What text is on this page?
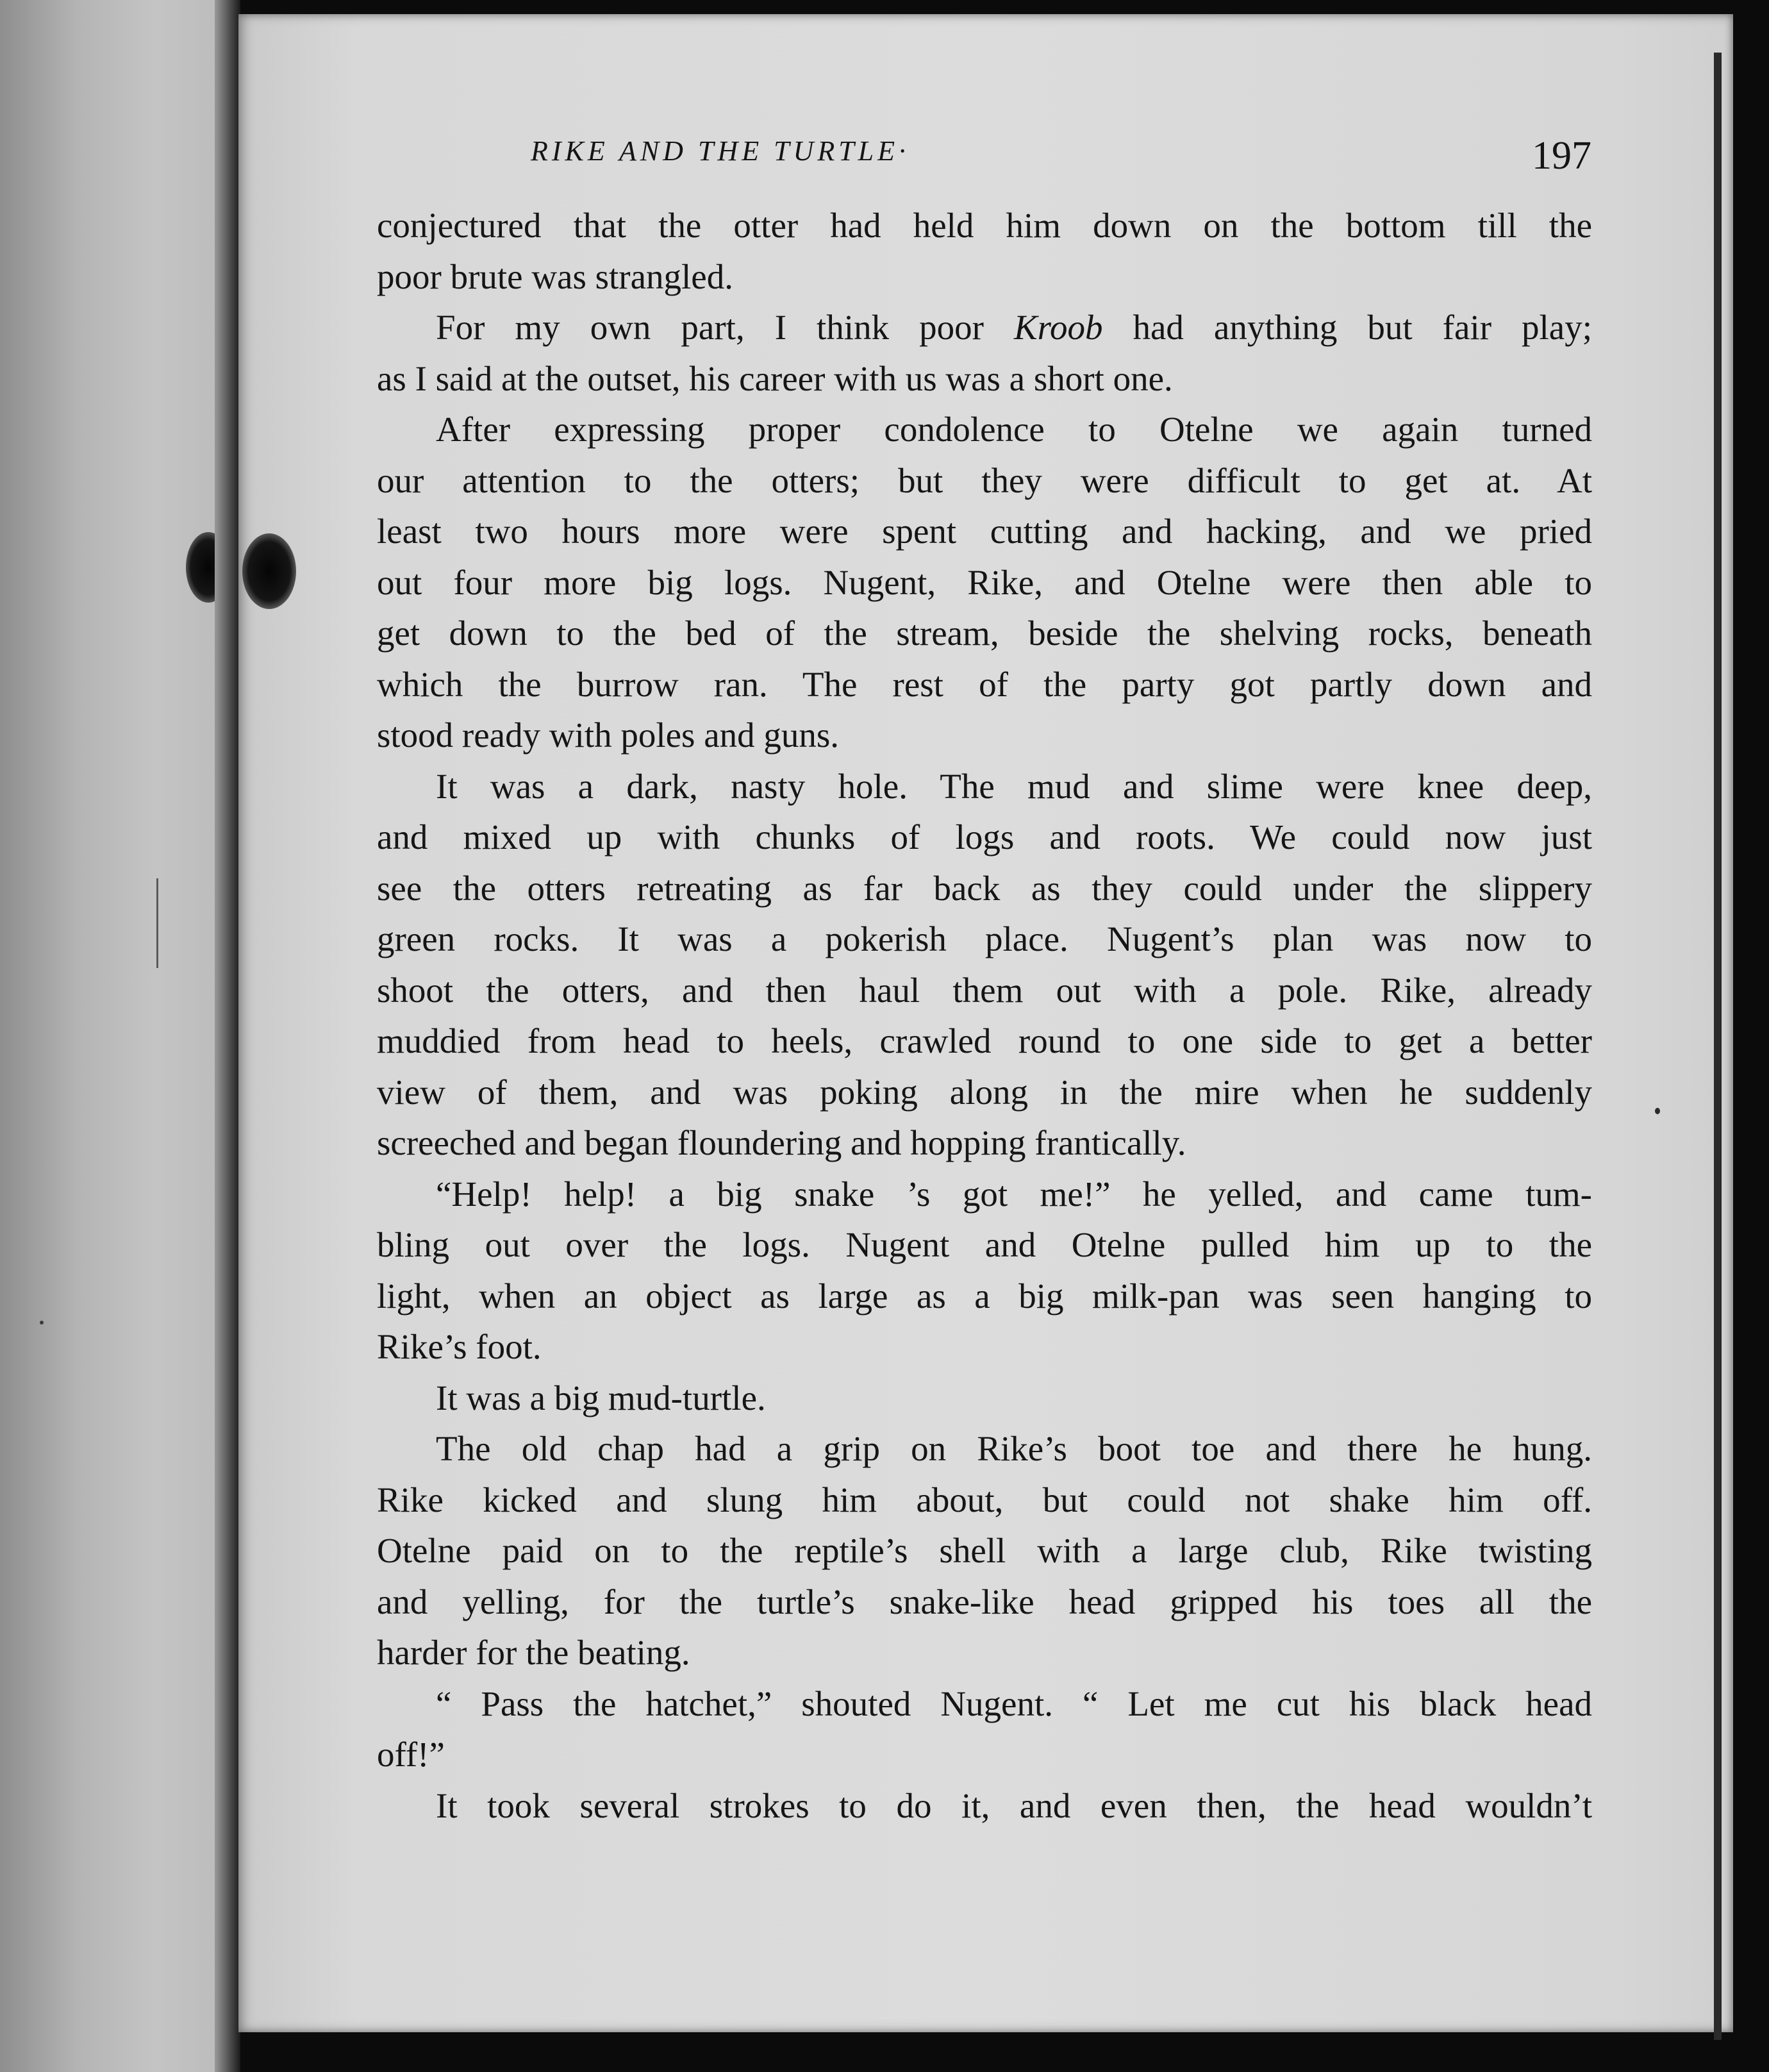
RIKE AND THE TURTLE·	197
conjectured that the otter had held him down on the bottom till the
poor brute was strangled.
For my own part, I think poor Kroob had anything but fair play;
as I said at the outset, his career with us was a short one.
After expressing proper condolence to Otelne we again turned
our attention to the otters; but they were difficult to get at. At
least two hours more were spent cutting and hacking, and we pried
out four more big logs. Nugent, Rike, and Otelne were then able to
get down to the bed of the stream, beside the shelving rocks, beneath
which the burrow ran. The rest of the party got partly down and
stood ready with poles and guns.
It was a dark, nasty hole. The mud and slime were knee deep,
and mixed up with chunks of logs and roots. We could now just
see the otters retreating as far back as they could under the slippery
green rocks. It was a pokerish place. Nugent’s plan was now to
shoot the otters, and then haul them out with a pole. Rike, already
muddied from head to heels, crawled round to one side to get a better
view of them, and was poking along in the mire when he suddenly
screeched and began floundering and hopping frantically.
“Help! help! a big snake ’s got me!” he yelled, and came tum-
bling out over the logs. Nugent and Otelne pulled him up to the
light, when an object as large as a big milk-pan was seen hanging to
Rike’s foot.
It was a big mud-turtle.
The old chap had a grip on Rike’s boot toe and there he hung.
Rike kicked and slung him about, but could not shake him off.
Otelne paid on to the reptile’s shell with a large club, Rike twisting
and yelling, for the turtle’s snake-like head gripped his toes all the
harder for the beating.
“ Pass the hatchet,” shouted Nugent. “ Let me cut his black head
off!”
It took several strokes to do it, and even then, the head wouldn’t
